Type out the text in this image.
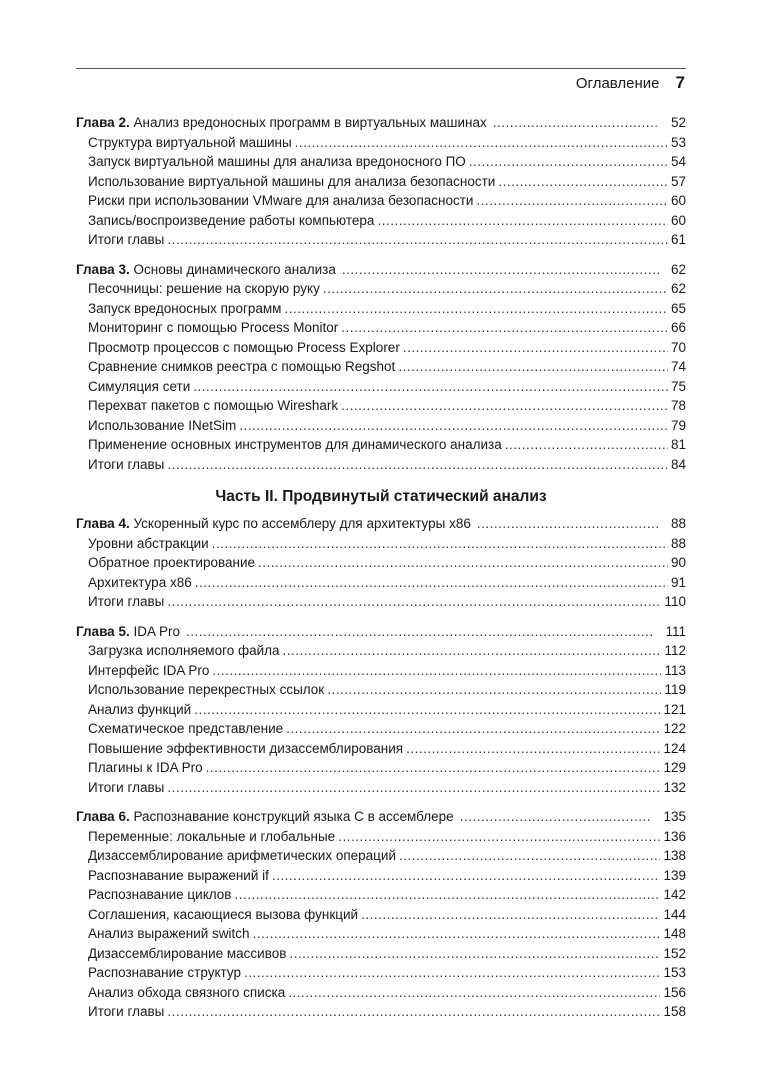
Оглавление 7
Глава 2. Анализ вредоносных программ в виртуальных машинах .....	52
Структура виртуальной машины .....	53
Запуск виртуальной машины для анализа вредоносного ПО .....	54
Использование виртуальной машины для анализа безопасности .....	57
Риски при использовании VMware для анализа безопасности .....	60
Запись/воспроизведение работы компьютера .....	60
Итоги главы .....	61
Глава 3. Основы динамического анализа .....	62
Песочницы: решение на скорую руку .....	62
Запуск вредоносных программ .....	65
Мониторинг с помощью Process Monitor .....	66
Просмотр процессов с помощью Process Explorer .....	70
Сравнение снимков реестра с помощью Regshot .....	74
Симуляция сети .....	75
Перехват пакетов с помощью Wireshark .....	78
Использование INetSim .....	79
Применение основных инструментов для динамического анализа .....	81
Итоги главы .....	84
Часть II. Продвинутый статический анализ
Глава 4. Ускоренный курс по ассемблеру для архитектуры x86 .....	88
Уровни абстракции .....	88
Обратное проектирование .....	90
Архитектура x86 .....	91
Итоги главы .....	110
Глава 5. IDA Pro .....	111
Загрузка исполняемого файла .....	112
Интерфейс IDA Pro .....	113
Использование перекрестных ссылок .....	119
Анализ функций .....	121
Схематическое представление .....	122
Повышение эффективности дизассемблирования .....	124
Плагины к IDA Pro .....	129
Итоги главы .....	132
Глава 6. Распознавание конструкций языка C в ассемблере .....	135
Переменные: локальные и глобальные .....	136
Дизассемблирование арифметических операций .....	138
Распознавание выражений if .....	139
Распознавание циклов .....	142
Соглашения, касающиеся вызова функций .....	144
Анализ выражений switch .....	148
Дизассемблирование массивов .....	152
Распознавание структур .....	153
Анализ обхода связного списка .....	156
Итоги главы .....	158
